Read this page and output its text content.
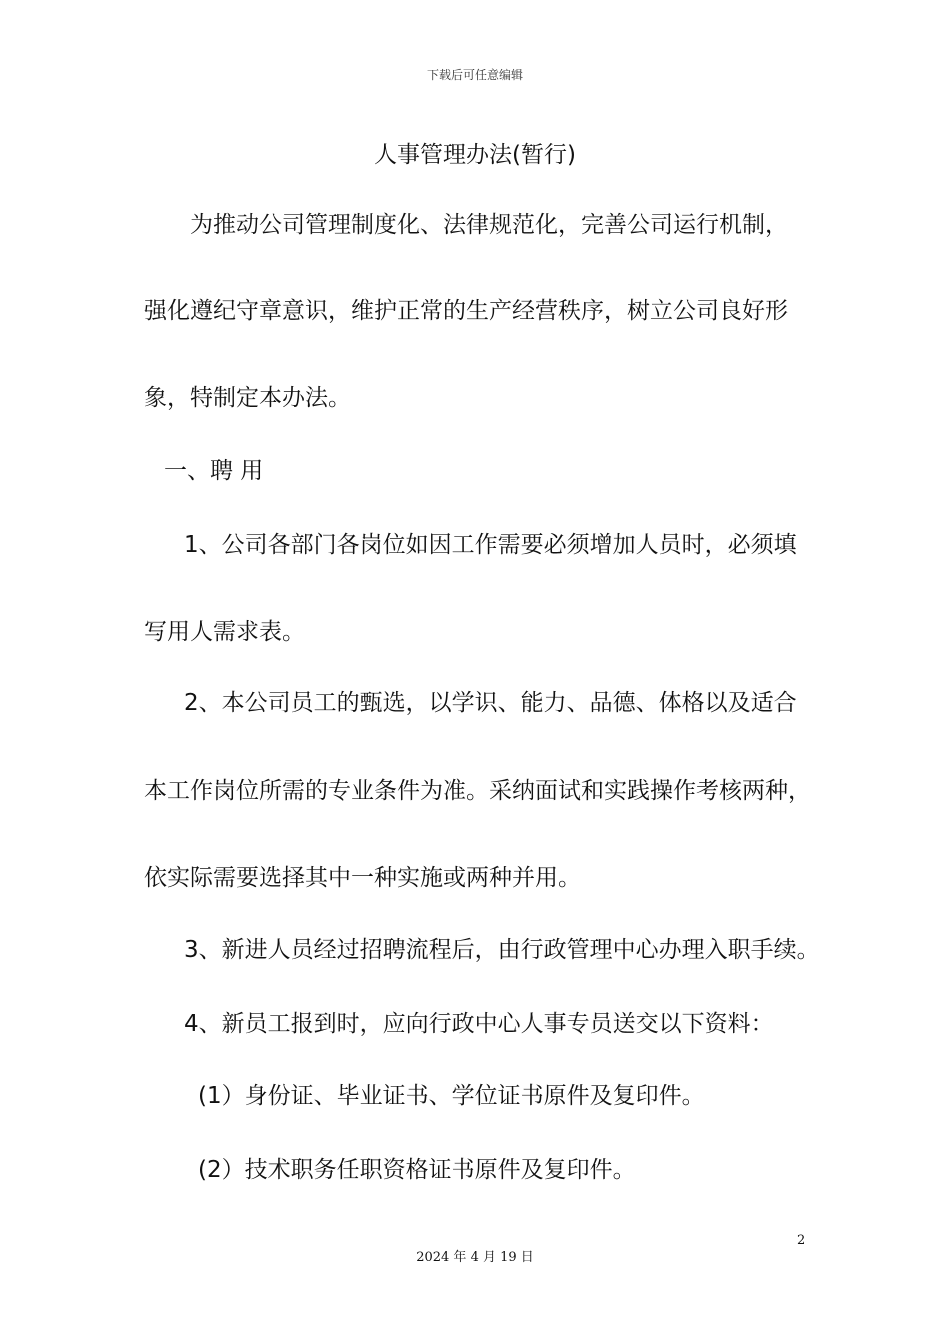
下载后可任意编辑
人事管理办法(暂行)
为推动公司管理制度化、法律规范化，完善公司运行机制，
强化遵纪守章意识，维护正常的生产经营秩序，树立公司良好形
象，特制定本办法。
一、聘 用
1、公司各部门各岗位如因工作需要必须增加人员时，必须填
写用人需求表。
2、本公司员工的甄选，以学识、能力、品德、体格以及适合
本工作岗位所需的专业条件为准。采纳面试和实践操作考核两种，
依实际需要选择其中一种实施或两种并用。
3、新进人员经过招聘流程后，由行政管理中心办理入职手续。
4、新员工报到时，应向行政中心人事专员送交以下资料：
(1）身份证、毕业证书、学位证书原件及复印件。
(2）技术职务任职资格证书原件及复印件。
2
2024 年 4 月 19 日
